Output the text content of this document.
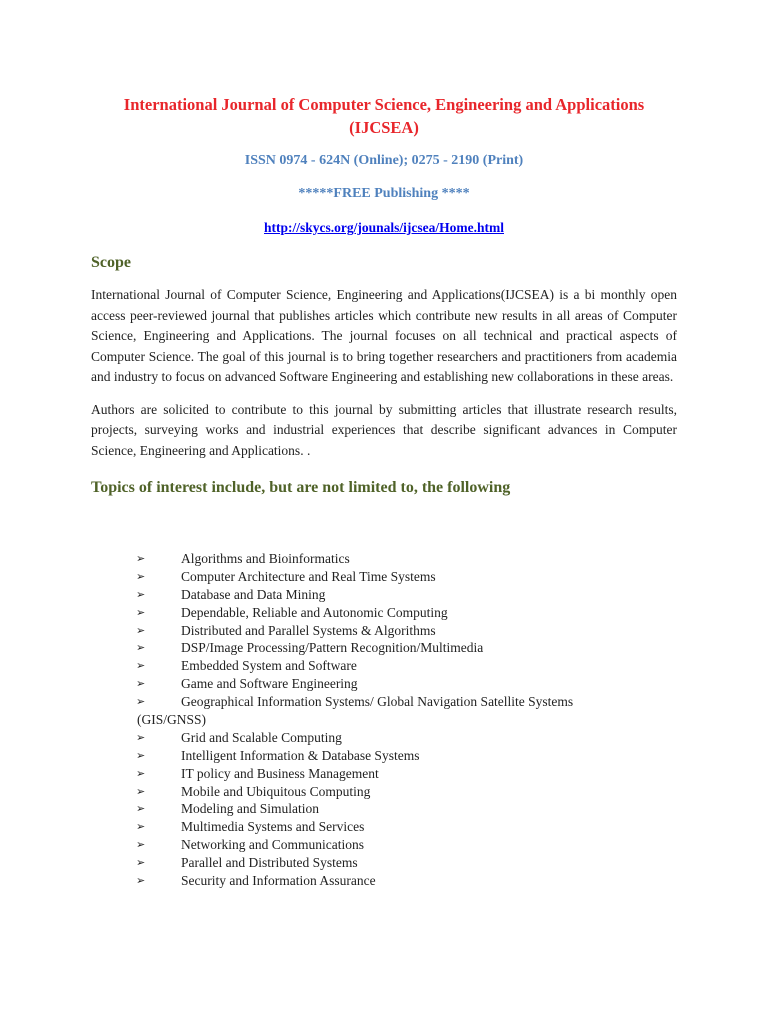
International Journal of Computer Science, Engineering and Applications (IJCSEA)

ISSN 0974 - 624N (Online); 0275 - 2190 (Print)

*****FREE Publishing ****

http://skycs.org/jounals/ijcsea/Home.html

Scope

International Journal of Computer Science, Engineering and Applications(IJCSEA) is a bi monthly open access peer-reviewed journal that publishes articles which contribute new results in all areas of Computer Science, Engineering and Applications. The journal focuses on all technical and practical aspects of Computer Science. The goal of this journal is to bring together researchers and practitioners from academia and industry to focus on advanced Software Engineering and establishing new collaborations in these areas.

Authors are solicited to contribute to this journal by submitting articles that illustrate research results, projects, surveying works and industrial experiences that describe significant advances in Computer Science, Engineering and Applications. .

Topics of interest include, but are not limited to, the following
➢	Algorithms and Bioinformatics
➢	Computer Architecture and Real Time Systems
➢	Database and Data Mining
➢	Dependable, Reliable and Autonomic Computing
➢	Distributed and Parallel Systems & Algorithms
➢	DSP/Image Processing/Pattern Recognition/Multimedia
➢	Embedded System and Software
➢	Game and Software Engineering
➢	Geographical Information Systems/ Global Navigation Satellite Systems
(GIS/GNSS)
➢	Grid and Scalable Computing
➢	Intelligent Information & Database Systems
➢	IT policy and Business Management
➢	Mobile and Ubiquitous Computing
➢	Modeling and Simulation
➢	Multimedia Systems and Services
➢	Networking and Communications
➢	Parallel and Distributed Systems
➢	Security and Information Assurance
